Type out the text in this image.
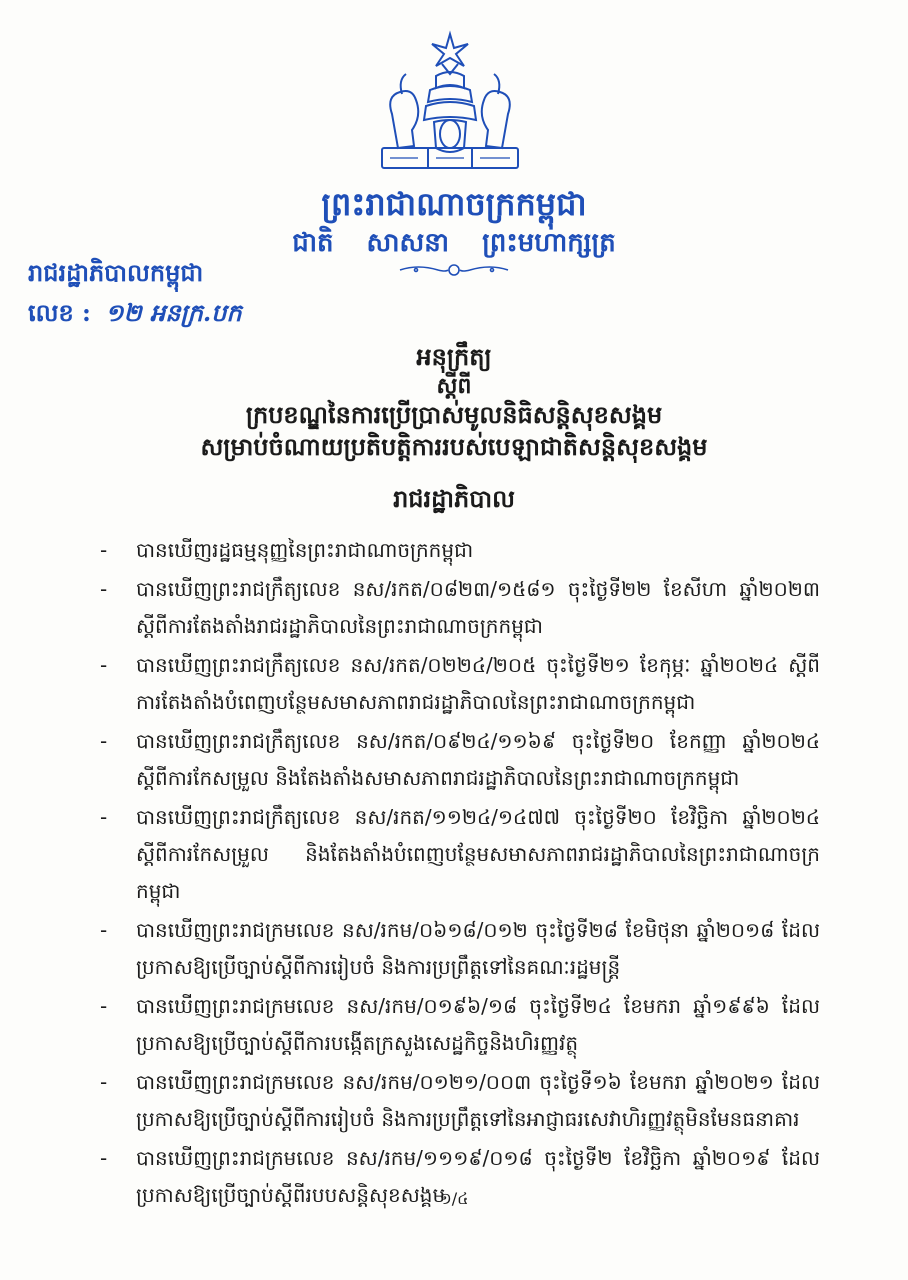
ព្រះរាជាណាចក្រកម្ពុជា
ជាតិ សាសនា ព្រះមហាក្សត្រ
រាជរដ្ឋាភិបាលកម្ពុជា
លេខ : ១២ អនក្រ.បក
អនុក្រឹត្យ
ស្តីពី
ក្របខណ្ឌនៃការប្រើប្រាស់មូលនិធិសន្តិសុខសង្គម
សម្រាប់ចំណាយប្រតិបត្តិការរបស់បេឡាជាតិសន្តិសុខសង្គម
រាជរដ្ឋាភិបាល
- បានឃើញរដ្ឋធម្មនុញ្ញនៃព្រះរាជាណាចក្រកម្ពុជា
- បានឃើញព្រះរាជក្រឹត្យលេខ នស/រកត/០៨២៣/១៥៨១ ចុះថ្ងៃទី២២ ខែសីហា ឆ្នាំ២០២៣ ស្តីពីការតែងតាំងរាជរដ្ឋាភិបាលនៃព្រះរាជាណាចក្រកម្ពុជា
- បានឃើញព្រះរាជក្រឹត្យលេខ នស/រកត/០២២៤/២០៥ ចុះថ្ងៃទី២១ ខែកុម្ភៈ ឆ្នាំ២០២៤ ស្តីពីការតែងតាំងបំពេញបន្ថែមសមាសភាពរាជរដ្ឋាភិបាលនៃព្រះរាជាណាចក្រកម្ពុជា
- បានឃើញព្រះរាជក្រឹត្យលេខ នស/រកត/០៩២៤/១១៦៩ ចុះថ្ងៃទី២០ ខែកញ្ញា ឆ្នាំ២០២៤ ស្តីពីការកែសម្រួល និងតែងតាំងសមាសភាពរាជរដ្ឋាភិបាលនៃព្រះរាជាណាចក្រកម្ពុជា
- បានឃើញព្រះរាជក្រឹត្យលេខ នស/រកត/១១២៤/១៤៧៧ ចុះថ្ងៃទី២០ ខែវិច្ឆិកា ឆ្នាំ២០២៤ ស្តីពីការកែសម្រួល និងតែងតាំងបំពេញបន្ថែមសមាសភាពរាជរដ្ឋាភិបាលនៃព្រះរាជាណាចក្រកម្ពុជា
- បានឃើញព្រះរាជក្រមលេខ នស/រកម/០៦១៨/០១២ ចុះថ្ងៃទី២៨ ខែមិថុនា ឆ្នាំ២០១៨ ដែលប្រកាសឱ្យប្រើច្បាប់ស្តីពីការរៀបចំ និងការប្រព្រឹត្តទៅនៃគណៈរដ្ឋមន្ត្រី
- បានឃើញព្រះរាជក្រមលេខ នស/រកម/០១៩៦/១៨ ចុះថ្ងៃទី២៤ ខែមករា ឆ្នាំ១៩៩៦ ដែលប្រកាសឱ្យប្រើច្បាប់ស្តីពីការបង្កើតក្រសួងសេដ្ឋកិច្ចនិងហិរញ្ញវត្ថុ
- បានឃើញព្រះរាជក្រមលេខ នស/រកម/០១២១/០០៣ ចុះថ្ងៃទី១៦ ខែមករា ឆ្នាំ២០២១ ដែលប្រកាសឱ្យប្រើច្បាប់ស្តីពីការរៀបចំ និងការប្រព្រឹត្តទៅនៃអាជ្ញាធរសេវាហិរញ្ញវត្ថុមិនមែនធនាគារ
- បានឃើញព្រះរាជក្រមលេខ នស/រកម/១១១៩/០១៨ ចុះថ្ងៃទី២ ខែវិច្ឆិកា ឆ្នាំ២០១៩ ដែលប្រកាសឱ្យប្រើច្បាប់ស្តីពីរបបសន្តិសុខសង្គម
១/៤
